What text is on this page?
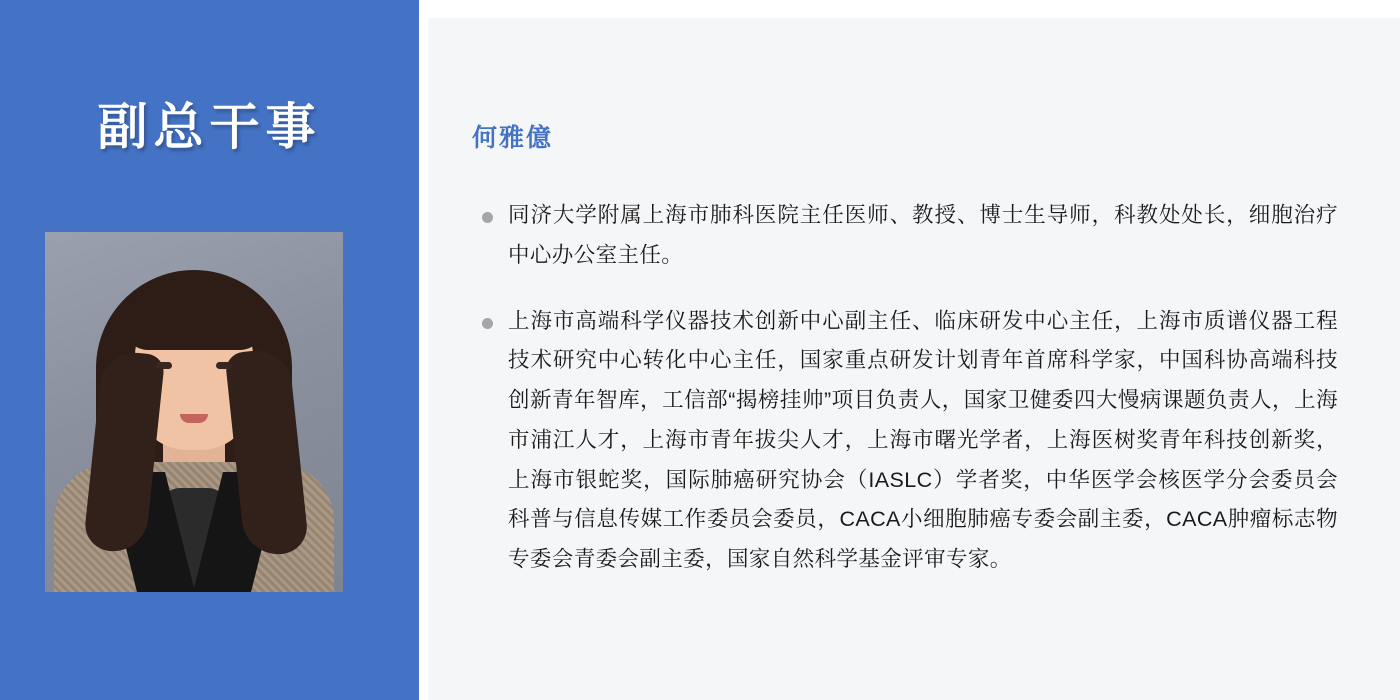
副总干事	何雅億
同济大学附属上海市肺科医院主任医师、教授、博士生导师，科教处处长，细胞治疗中心办公室主任。
上海市高端科学仪器技术创新中心副主任、临床研发中心主任，上海市质谱仪器工程技术研究中心转化中心主任，国家重点研发计划青年首席科学家，中国科协高端科技创新青年智库，工信部“揭榜挂帅”项目负责人，国家卫健委四大慢病课题负责人，上海市浦江人才，上海市青年拔尖人才，上海市曙光学者，上海医树奖青年科技创新奖，上海市银蛇奖，国际肺癌研究协会（IASLC）学者奖，中华医学会核医学分会委员会科普与信息传媒工作委员会委员，CACA小细胞肺癌专委会副主委，CACA肿瘤标志物专委会青委会副主委，国家自然科学基金评审专家。
